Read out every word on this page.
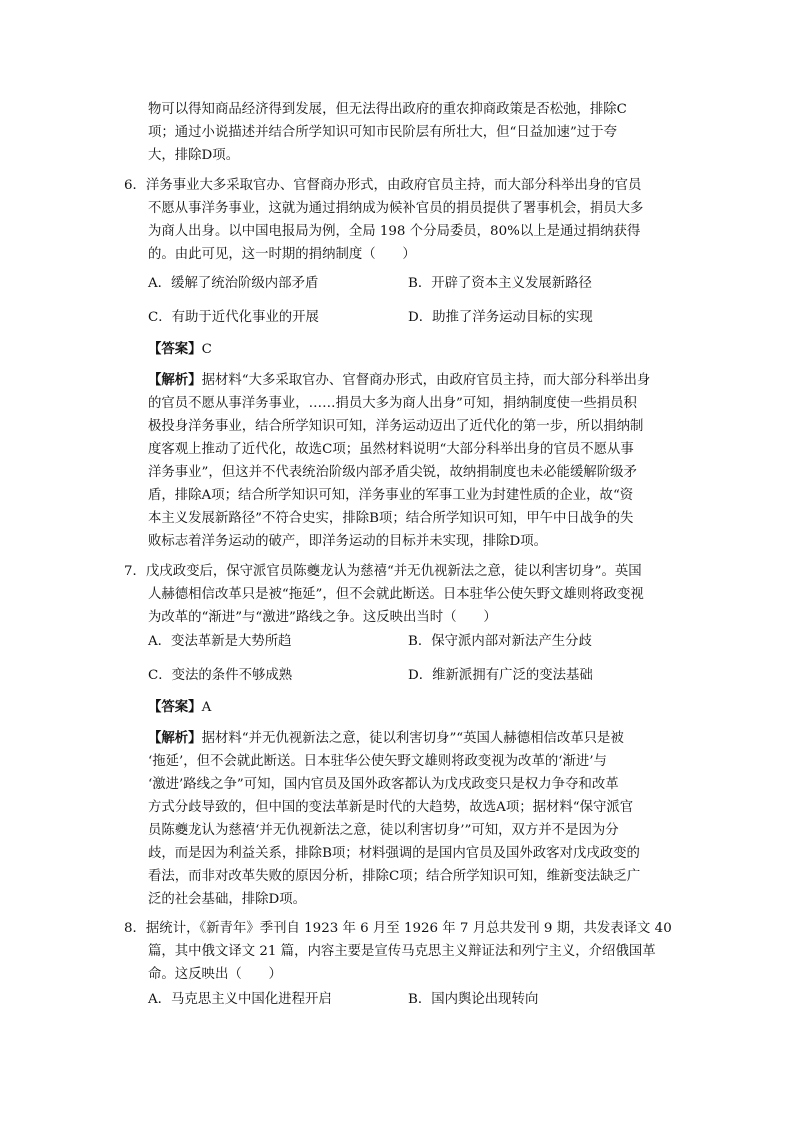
物可以得知商品经济得到发展，但无法得出政府的重农抑商政策是否松弛，排除C
项；通过小说描述并结合所学知识可知市民阶层有所壮大，但“日益加速”过于夸
大，排除D项。
6．洋务事业大多采取官办、官督商办形式，由政府官员主持，而大部分科举出身的官员
不愿从事洋务事业，这就为通过捐纳成为候补官员的捐员提供了署事机会，捐员大多
为商人出身。以中国电报局为例，全局 198 个分局委员，80%以上是通过捐纳获得
的。由此可见，这一时期的捐纳制度（　　）
A．缓解了统治阶级内部矛盾	B．开辟了资本主义发展新路径
C．有助于近代化事业的开展	D．助推了洋务运动目标的实现
【答案】C
【解析】据材料“大多采取官办、官督商办形式，由政府官员主持，而大部分科举出身
的官员不愿从事洋务事业，……捐员大多为商人出身”可知，捐纳制度使一些捐员积
极投身洋务事业，结合所学知识可知，洋务运动迈出了近代化的第一步，所以捐纳制
度客观上推动了近代化，故选C项；虽然材料说明“大部分科举出身的官员不愿从事
洋务事业”，但这并不代表统治阶级内部矛盾尖锐，故纳捐制度也未必能缓解阶级矛
盾，排除A项；结合所学知识可知，洋务事业的军事工业为封建性质的企业，故“资
本主义发展新路径”不符合史实，排除B项；结合所学知识可知，甲午中日战争的失
败标志着洋务运动的破产，即洋务运动的目标并未实现，排除D项。
7．戊戌政变后，保守派官员陈夔龙认为慈禧“并无仇视新法之意，徒以利害切身”。英国
人赫德相信改革只是被“拖延”，但不会就此断送。日本驻华公使矢野文雄则将政变视
为改革的“渐进”与“激进”路线之争。这反映出当时（　　）
A．变法革新是大势所趋	B．保守派内部对新法产生分歧
C．变法的条件不够成熟	D．维新派拥有广泛的变法基础
【答案】A
【解析】据材料“并无仇视新法之意，徒以利害切身”“英国人赫德相信改革只是被
‘拖延’，但不会就此断送。日本驻华公使矢野文雄则将政变视为改革的‘渐进’与
‘激进’路线之争”可知，国内官员及国外政客都认为戊戌政变只是权力争夺和改革
方式分歧导致的，但中国的变法革新是时代的大趋势，故选A项；据材料“保守派官
员陈夔龙认为慈禧‘并无仇视新法之意，徒以利害切身’”可知，双方并不是因为分
歧，而是因为利益关系，排除B项；材料强调的是国内官员及国外政客对戊戌政变的
看法，而非对改革失败的原因分析，排除C项；结合所学知识可知，维新变法缺乏广
泛的社会基础，排除D项。
8．据统计，《新青年》季刊自 1923 年 6 月至 1926 年 7 月总共发刊 9 期，共发表译文 40
篇，其中俄文译文 21 篇，内容主要是宣传马克思主义辩证法和列宁主义，介绍俄国革
命。这反映出（　　）
A．马克思主义中国化进程开启	B．国内舆论出现转向
